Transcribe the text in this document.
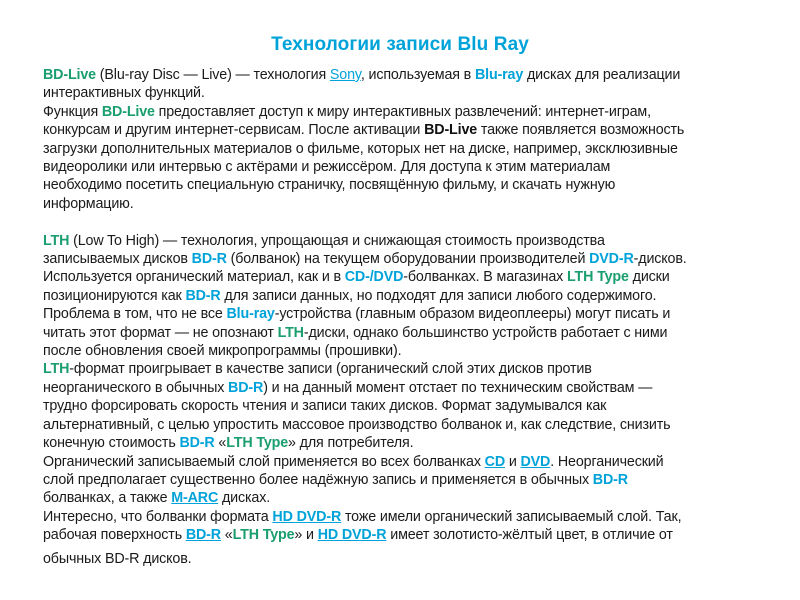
Технологии записи Blu Ray
BD-Live (Blu-ray Disc — Live) — технология Sony, используемая в Blu-ray дисках для реализации
интерактивных функций.
Функция BD-Live предоставляет доступ к миру интерактивных развлечений: интернет-играм,
конкурсам и другим интернет-сервисам. После активации BD-Live также появляется возможность
загрузки дополнительных материалов о фильме, которых нет на диске, например, эксклюзивные
видеоролики или интервью с актёрами и режиссёром. Для доступа к этим материалам
необходимо посетить специальную страничку, посвящённую фильму, и скачать нужную
информацию.
LTH (Low To High) — технология, упрощающая и снижающая стоимость производства
записываемых дисков BD-R (болванок) на текущем оборудовании производителей DVD-R-дисков.
Используется органический материал, как и в CD-/DVD-болванках. В магазинах LTH Type диски
позиционируются как BD-R для записи данных, но подходят для записи любого содержимого.
Проблема в том, что не все Blu-ray-устройства (главным образом видеоплееры) могут писать и
читать этот формат — не опознают LTH-диски, однако большинство устройств работает с ними
после обновления своей микропрограммы (прошивки).
LTH-формат проигрывает в качестве записи (органический слой этих дисков против
неорганического в обычных BD-R) и на данный момент отстает по техническим свойствам —
трудно форсировать скорость чтения и записи таких дисков. Формат задумывался как
альтернативный, с целью упростить массовое производство болванок и, как следствие, снизить
конечную стоимость BD-R «LTH Type» для потребителя.
Органический записываемый слой применяется во всех болванках CD и DVD. Неорганический
слой предполагает существенно более надёжную запись и применяется в обычных BD-R
болванках, а также M-ARC дисках.
Интересно, что болванки формата HD DVD-R тоже имели органический записываемый слой. Так,
рабочая поверхность BD-R «LTH Type» и HD DVD-R имеет золотисто-жёлтый цвет, в отличие от
обычных BD-R дисков.
